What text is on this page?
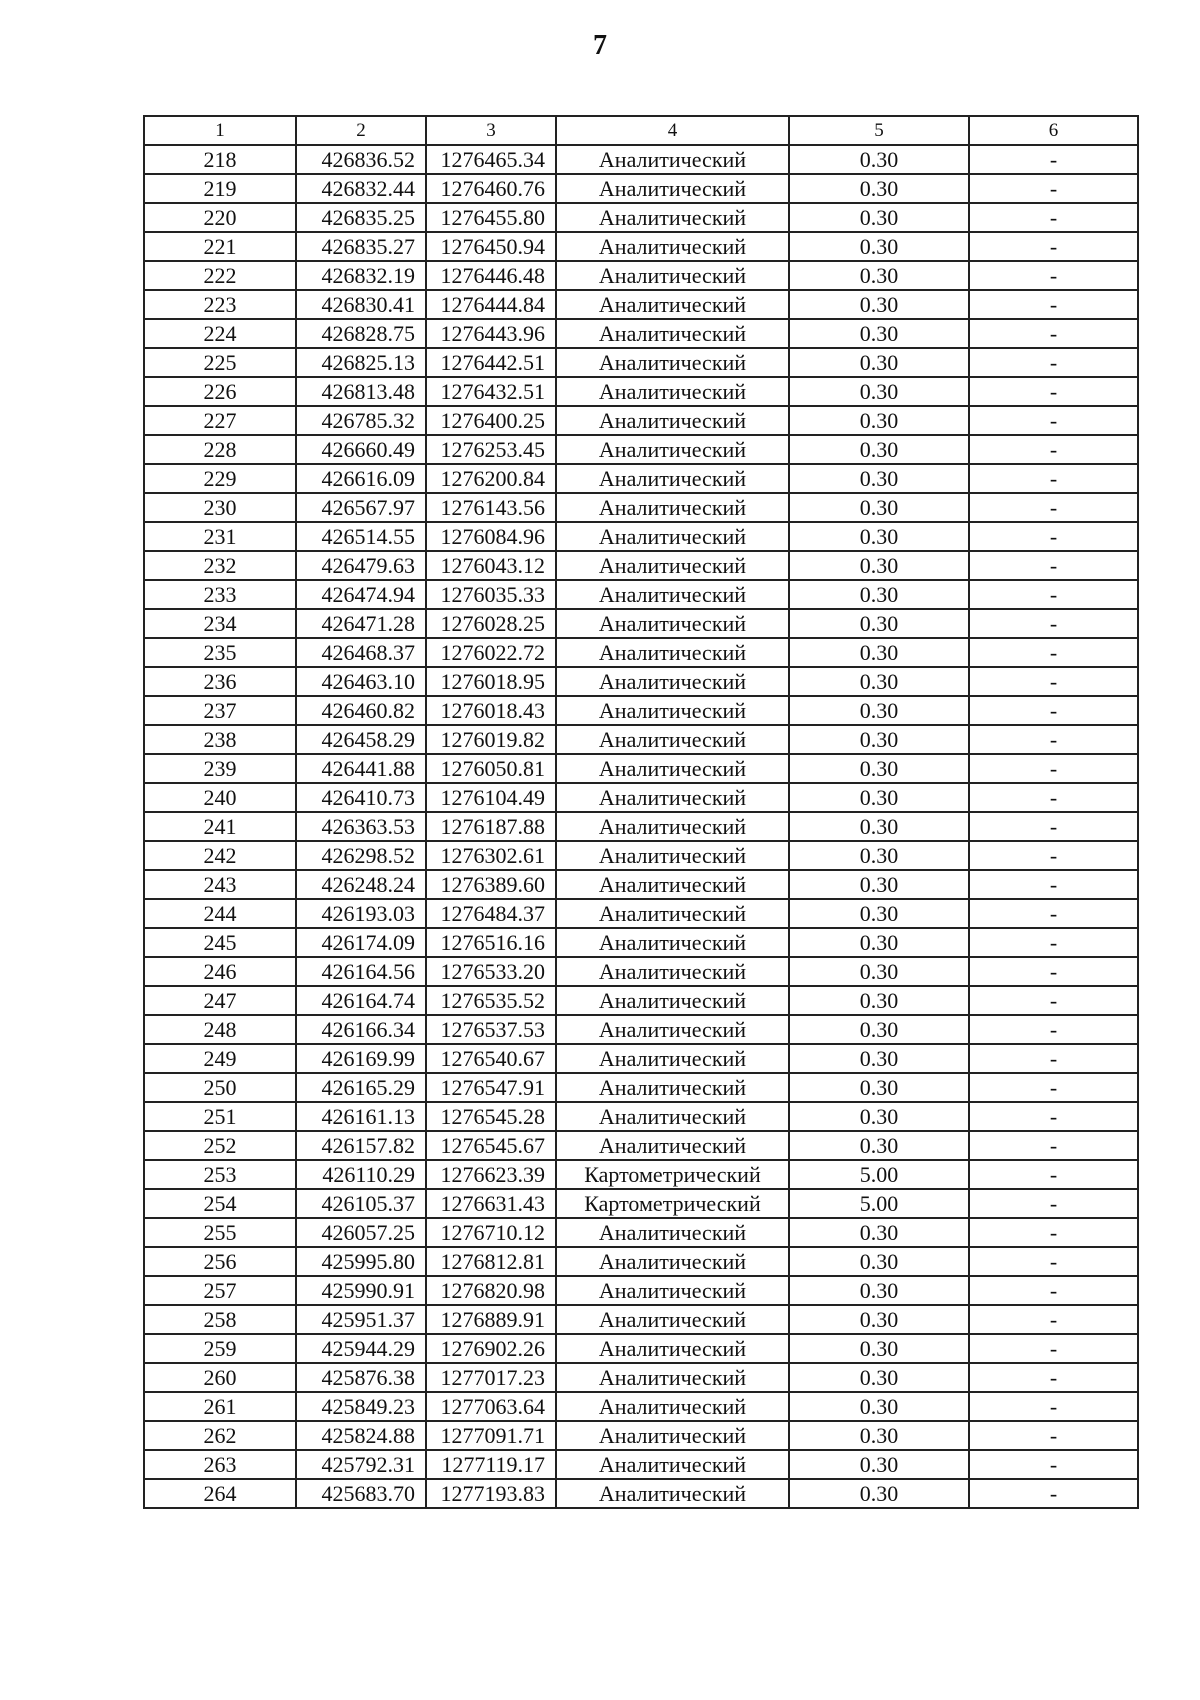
7
1	2	3	4	5	6
218	426836.52	1276465.34	Аналитический	0.30	-
219	426832.44	1276460.76	Аналитический	0.30	-
220	426835.25	1276455.80	Аналитический	0.30	-
221	426835.27	1276450.94	Аналитический	0.30	-
222	426832.19	1276446.48	Аналитический	0.30	-
223	426830.41	1276444.84	Аналитический	0.30	-
224	426828.75	1276443.96	Аналитический	0.30	-
225	426825.13	1276442.51	Аналитический	0.30	-
226	426813.48	1276432.51	Аналитический	0.30	-
227	426785.32	1276400.25	Аналитический	0.30	-
228	426660.49	1276253.45	Аналитический	0.30	-
229	426616.09	1276200.84	Аналитический	0.30	-
230	426567.97	1276143.56	Аналитический	0.30	-
231	426514.55	1276084.96	Аналитический	0.30	-
232	426479.63	1276043.12	Аналитический	0.30	-
233	426474.94	1276035.33	Аналитический	0.30	-
234	426471.28	1276028.25	Аналитический	0.30	-
235	426468.37	1276022.72	Аналитический	0.30	-
236	426463.10	1276018.95	Аналитический	0.30	-
237	426460.82	1276018.43	Аналитический	0.30	-
238	426458.29	1276019.82	Аналитический	0.30	-
239	426441.88	1276050.81	Аналитический	0.30	-
240	426410.73	1276104.49	Аналитический	0.30	-
241	426363.53	1276187.88	Аналитический	0.30	-
242	426298.52	1276302.61	Аналитический	0.30	-
243	426248.24	1276389.60	Аналитический	0.30	-
244	426193.03	1276484.37	Аналитический	0.30	-
245	426174.09	1276516.16	Аналитический	0.30	-
246	426164.56	1276533.20	Аналитический	0.30	-
247	426164.74	1276535.52	Аналитический	0.30	-
248	426166.34	1276537.53	Аналитический	0.30	-
249	426169.99	1276540.67	Аналитический	0.30	-
250	426165.29	1276547.91	Аналитический	0.30	-
251	426161.13	1276545.28	Аналитический	0.30	-
252	426157.82	1276545.67	Аналитический	0.30	-
253	426110.29	1276623.39	Картометрический	5.00	-
254	426105.37	1276631.43	Картометрический	5.00	-
255	426057.25	1276710.12	Аналитический	0.30	-
256	425995.80	1276812.81	Аналитический	0.30	-
257	425990.91	1276820.98	Аналитический	0.30	-
258	425951.37	1276889.91	Аналитический	0.30	-
259	425944.29	1276902.26	Аналитический	0.30	-
260	425876.38	1277017.23	Аналитический	0.30	-
261	425849.23	1277063.64	Аналитический	0.30	-
262	425824.88	1277091.71	Аналитический	0.30	-
263	425792.31	1277119.17	Аналитический	0.30	-
264	425683.70	1277193.83	Аналитический	0.30	-
